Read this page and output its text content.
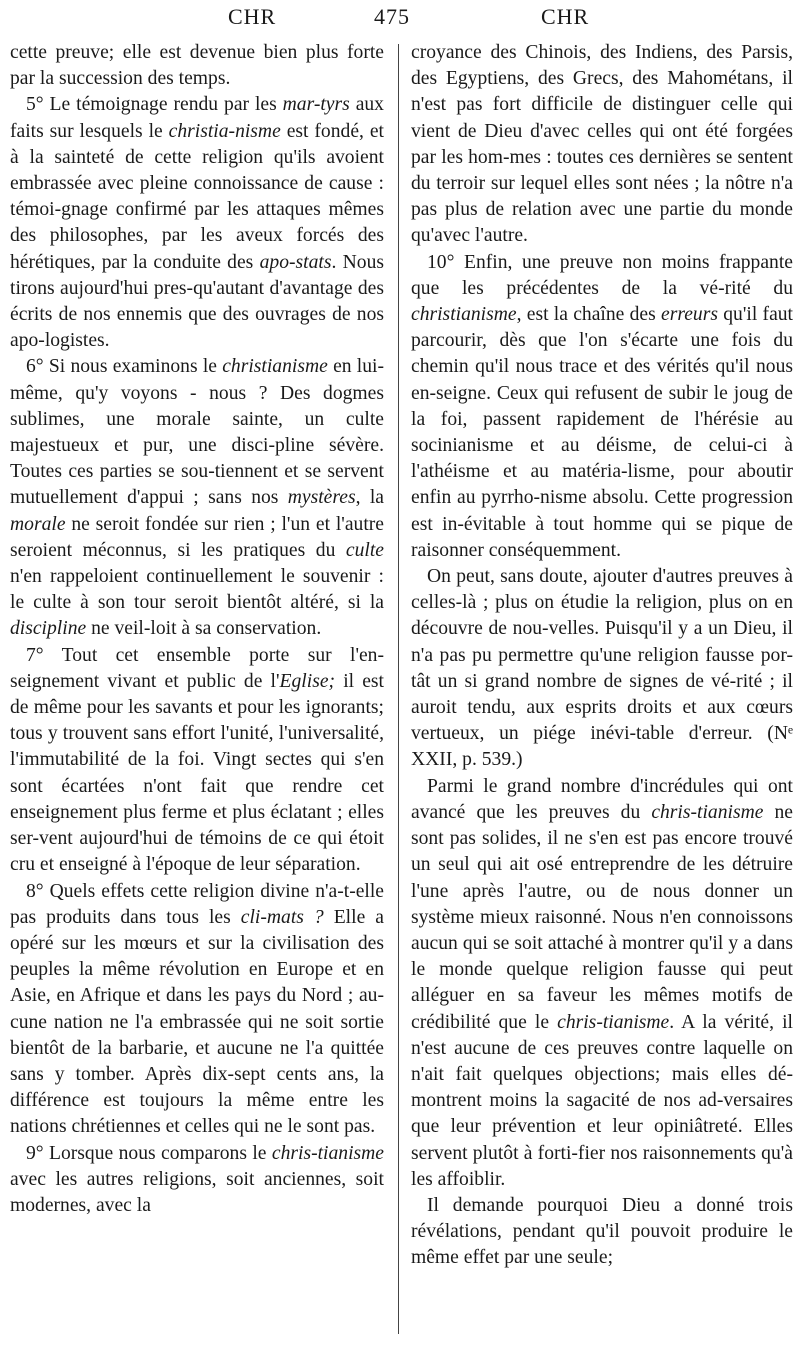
CHR	475	CHR

cette preuve; elle est devenue bien plus forte par la succession des temps.

5° Le témoignage rendu par les mar-tyrs aux faits sur lesquels le christia-nisme est fondé, et à la sainteté de cette religion qu'ils avoient embrassée avec pleine connoissance de cause : témoi-gnage confirmé par les attaques mêmes des philosophes, par les aveux forcés des hérétiques, par la conduite des apo-stats. Nous tirons aujourd'hui pres-qu'autant d'avantage des écrits de nos ennemis que des ouvrages de nos apo-logistes.

6° Si nous examinons le christianisme en lui-même, qu'y voyons - nous ? Des dogmes sublimes, une morale sainte, un culte majestueux et pur, une disci-pline sévère. Toutes ces parties se sou-tiennent et se servent mutuellement d'appui ; sans nos mystères, la morale ne seroit fondée sur rien ; l'un et l'autre seroient méconnus, si les pratiques du culte n'en rappeloient continuellement le souvenir : le culte à son tour seroit bientôt altéré, si la discipline ne veil-loit à sa conservation.

7° Tout cet ensemble porte sur l'en-seignement vivant et public de l'Eglise; il est de même pour les savants et pour les ignorants; tous y trouvent sans effort l'unité, l'universalité, l'immutabilité de la foi. Vingt sectes qui s'en sont écartées n'ont fait que rendre cet enseignement plus ferme et plus éclatant ; elles ser-vent aujourd'hui de témoins de ce qui étoit cru et enseigné à l'époque de leur séparation.

8° Quels effets cette religion divine n'a-t-elle pas produits dans tous les cli-mats ? Elle a opéré sur les mœurs et sur la civilisation des peuples la même révolution en Europe et en Asie, en Afrique et dans les pays du Nord ; au-cune nation ne l'a embrassée qui ne soit sortie bientôt de la barbarie, et aucune ne l'a quittée sans y tomber. Après dix-sept cents ans, la différence est toujours la même entre les nations chrétiennes et celles qui ne le sont pas.

9° Lorsque nous comparons le chris-tianisme avec les autres religions, soit anciennes, soit modernes, avec la

croyance des Chinois, des Indiens, des Parsis, des Egyptiens, des Grecs, des Mahométans, il n'est pas fort difficile de distinguer celle qui vient de Dieu d'avec celles qui ont été forgées par les hom-mes : toutes ces dernières se sentent du terroir sur lequel elles sont nées ; la nôtre n'a pas plus de relation avec une partie du monde qu'avec l'autre.

10° Enfin, une preuve non moins frappante que les précédentes de la vé-rité du christianisme, est la chaîne des erreurs qu'il faut parcourir, dès que l'on s'écarte une fois du chemin qu'il nous trace et des vérités qu'il nous en-seigne. Ceux qui refusent de subir le joug de la foi, passent rapidement de l'hérésie au socinianisme et au déisme, de celui-ci à l'athéisme et au matéria-lisme, pour aboutir enfin au pyrrho-nisme absolu. Cette progression est in-évitable à tout homme qui se pique de raisonner conséquemment.

On peut, sans doute, ajouter d'autres preuves à celles-là ; plus on étudie la religion, plus on en découvre de nou-velles. Puisqu'il y a un Dieu, il n'a pas pu permettre qu'une religion fausse por-tât un si grand nombre de signes de vé-rité ; il auroit tendu, aux esprits droits et aux cœurs vertueux, un piége inévi-table d'erreur. (Nᵉ XXII, p. 539.)

Parmi le grand nombre d'incrédules qui ont avancé que les preuves du chris-tianisme ne sont pas solides, il ne s'en est pas encore trouvé un seul qui ait osé entreprendre de les détruire l'une après l'autre, ou de nous donner un système mieux raisonné. Nous n'en connoissons aucun qui se soit attaché à montrer qu'il y a dans le monde quelque religion fausse qui peut alléguer en sa faveur les mêmes motifs de crédibilité que le chris-tianisme. A la vérité, il n'est aucune de ces preuves contre laquelle on n'ait fait quelques objections; mais elles dé-montrent moins la sagacité de nos ad-versaires que leur prévention et leur opiniâtreté. Elles servent plutôt à forti-fier nos raisonnements qu'à les affoiblir.

Il demande pourquoi Dieu a donné trois révélations, pendant qu'il pouvoit produire le même effet par une seule;
